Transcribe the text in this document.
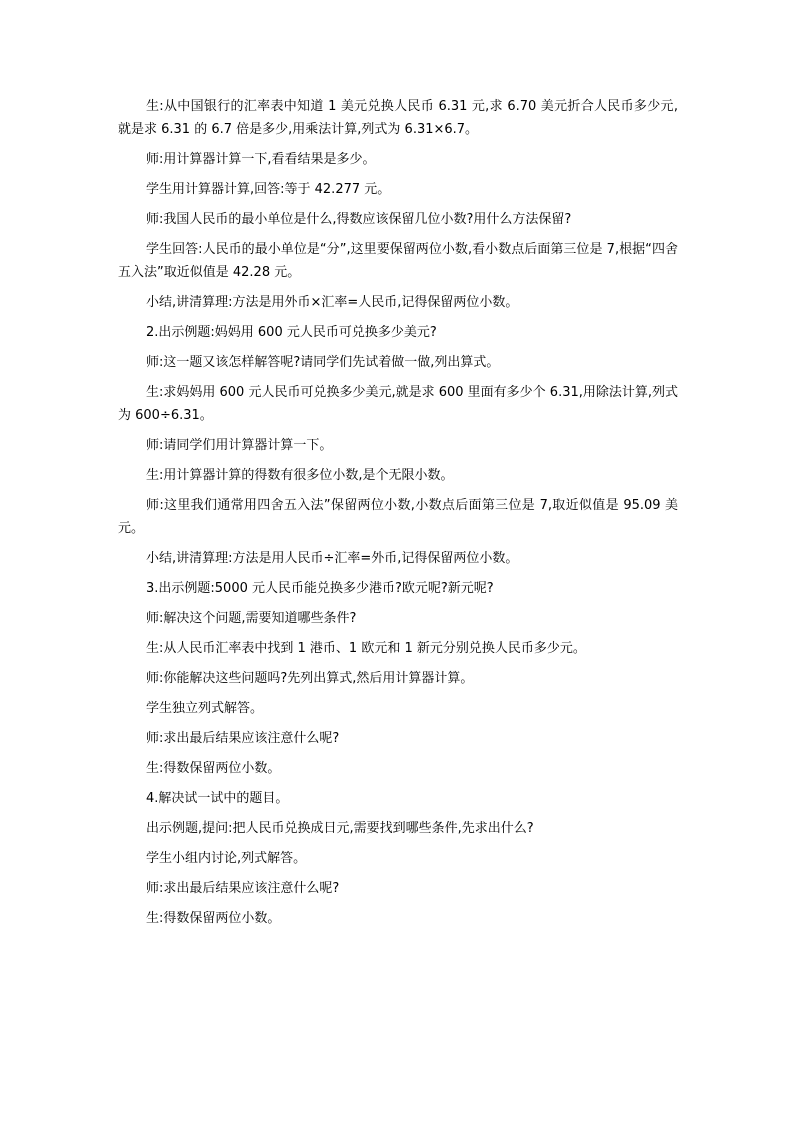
生:从中国银行的汇率表中知道 1 美元兑换人民币 6.31 元,求 6.70 美元折合人民币多少元,就是求 6.31 的 6.7 倍是多少,用乘法计算,列式为 6.31×6.7。

师:用计算器计算一下,看看结果是多少。

学生用计算器计算,回答:等于 42.277 元。

师:我国人民币的最小单位是什么,得数应该保留几位小数?用什么方法保留?

学生回答:人民币的最小单位是“分”,这里要保留两位小数,看小数点后面第三位是 7,根据“四舍五入法”取近似值是 42.28 元。

小结,讲清算理:方法是用外币×汇率=人民币,记得保留两位小数。

2.出示例题:妈妈用 600 元人民币可兑换多少美元?

师:这一题又该怎样解答呢?请同学们先试着做一做,列出算式。

生:求妈妈用 600 元人民币可兑换多少美元,就是求 600 里面有多少个 6.31,用除法计算,列式为 600÷6.31。

师:请同学们用计算器计算一下。

生:用计算器计算的得数有很多位小数,是个无限小数。

师:这里我们通常用四舍五入法”保留两位小数,小数点后面第三位是 7,取近似值是 95.09 美元。

小结,讲清算理:方法是用人民币÷汇率=外币,记得保留两位小数。

3.出示例题:5000 元人民币能兑换多少港币?欧元呢?新元呢?

师:解决这个问题,需要知道哪些条件?

生:从人民币汇率表中找到 1 港币、1 欧元和 1 新元分别兑换人民币多少元。

师:你能解决这些问题吗?先列出算式,然后用计算器计算。

学生独立列式解答。

师:求出最后结果应该注意什么呢?

生:得数保留两位小数。

4.解决试一试中的题目。

出示例题,提问:把人民币兑换成日元,需要找到哪些条件,先求出什么?

学生小组内讨论,列式解答。

师:求出最后结果应该注意什么呢?

生:得数保留两位小数。
